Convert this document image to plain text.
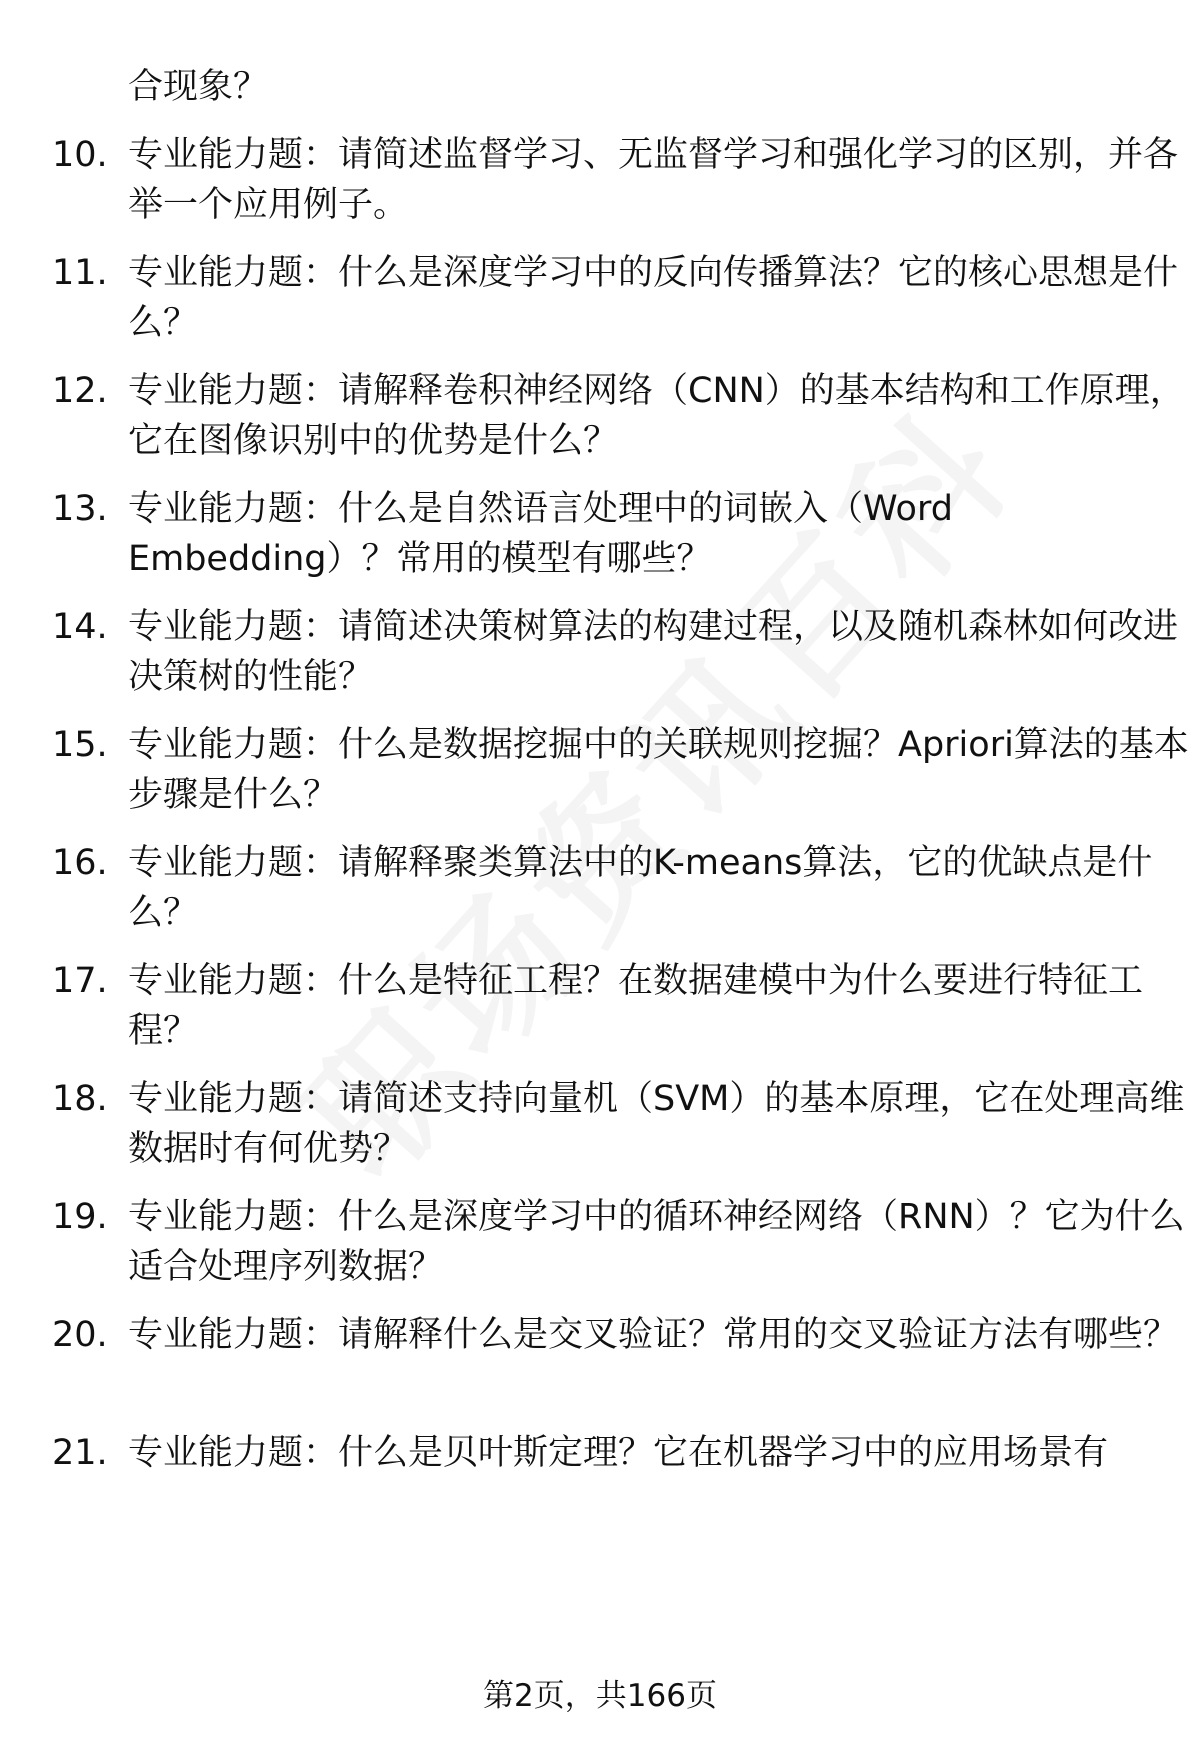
合现象？
10. 专业能力题：请简述监督学习、无监督学习和强化学习的区别，并各举一个应用例子。
11. 专业能力题：什么是深度学习中的反向传播算法？它的核心思想是什么？
12. 专业能力题：请解释卷积神经网络（CNN）的基本结构和工作原理，它在图像识别中的优势是什么？
13. 专业能力题：什么是自然语言处理中的词嵌入（Word Embedding）？常用的模型有哪些？
14. 专业能力题：请简述决策树算法的构建过程，以及随机森林如何改进决策树的性能？
15. 专业能力题：什么是数据挖掘中的关联规则挖掘？Apriori算法的基本步骤是什么？
16. 专业能力题：请解释聚类算法中的K-means算法，它的优缺点是什么？
17. 专业能力题：什么是特征工程？在数据建模中为什么要进行特征工程？
18. 专业能力题：请简述支持向量机（SVM）的基本原理，它在处理高维数据时有何优势？
19. 专业能力题：什么是深度学习中的循环神经网络（RNN）？它为什么适合处理序列数据？
20. 专业能力题：请解释什么是交叉验证？常用的交叉验证方法有哪些？
21. 专业能力题：什么是贝叶斯定理？它在机器学习中的应用场景有
第2页，共166页
